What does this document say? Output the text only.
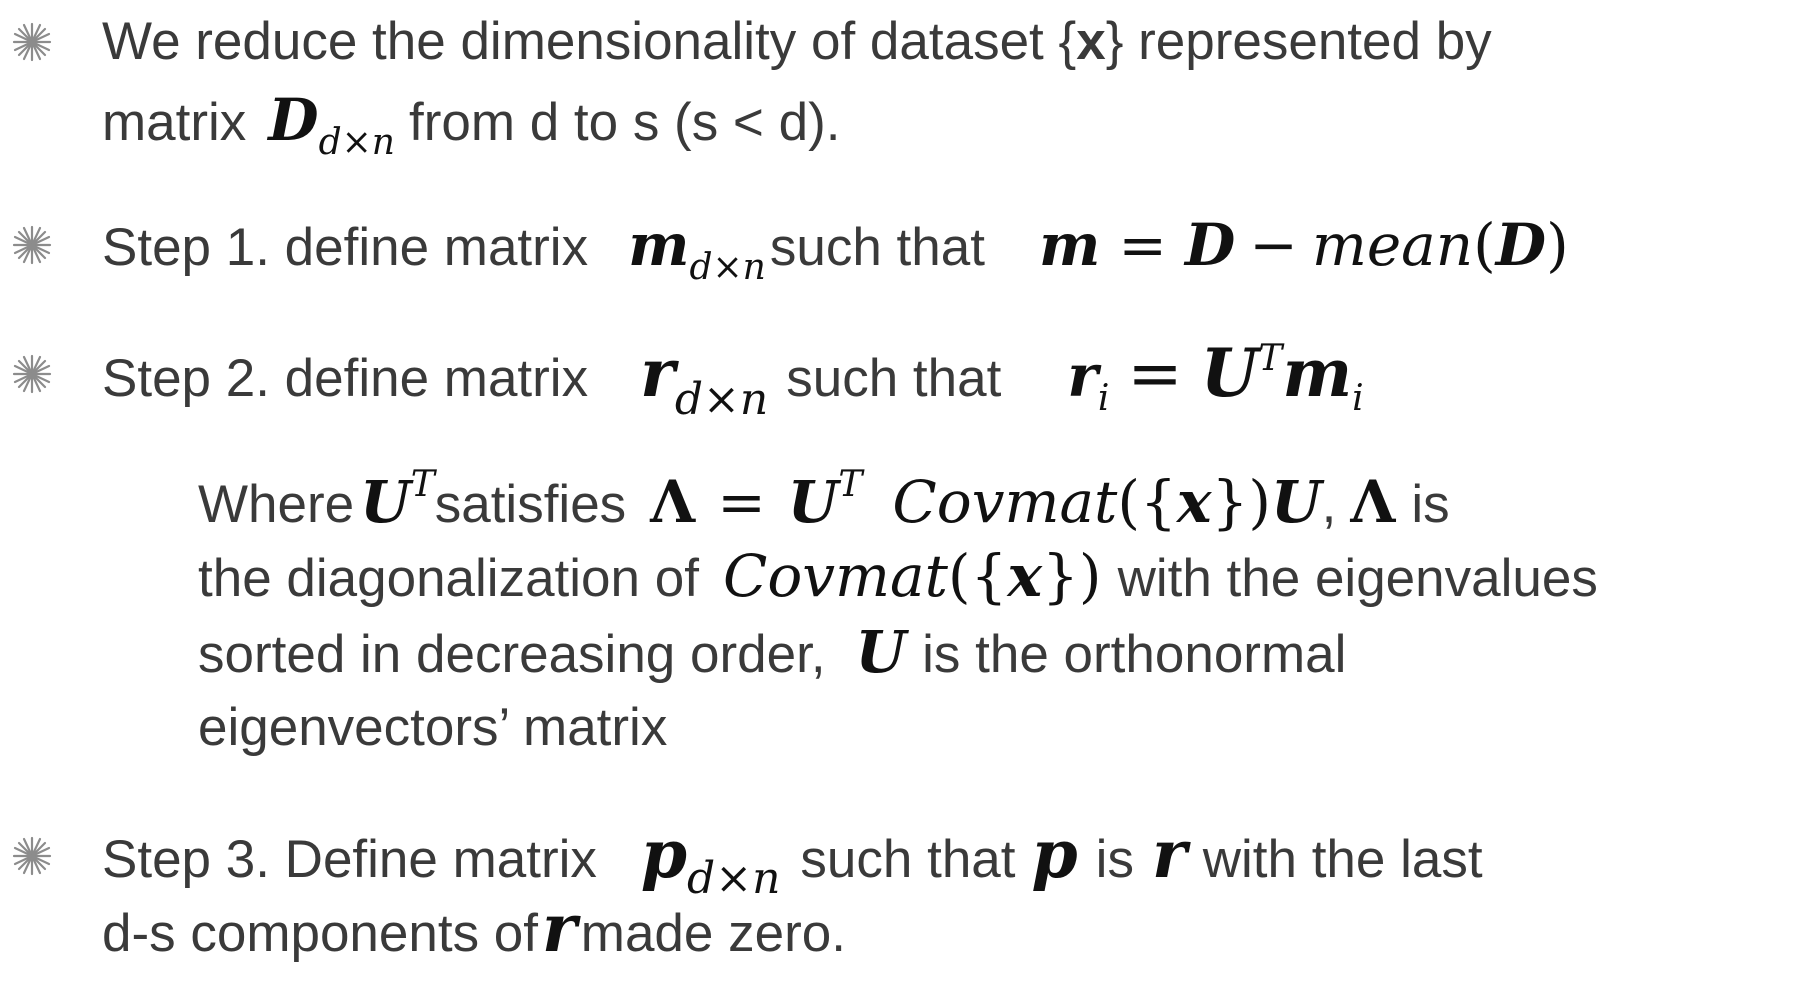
We reduce the dimensionality of dataset {x} represented by
matrix $D_{d\times n}$ from d to s (s < d).
Step 1. define matrix $m_{d\times n}such$ that m = D − mean(D)
Step 2. define matrix $r_{d\times n}$ such that $r_i = U^Tm_i$
Where $U^Tsatisfies$ $\Lambda = U^T$ Covmat({x})U, Λ is
the diagonalization of Covmat({x}) with the eigenvalues
sorted in decreasing order, U is the orthonormal
eigenvectors’ matrix
Step 3. Define matrix $p_{d\times n}$ such that p is r with the last
d-s components ofrmade zero.
